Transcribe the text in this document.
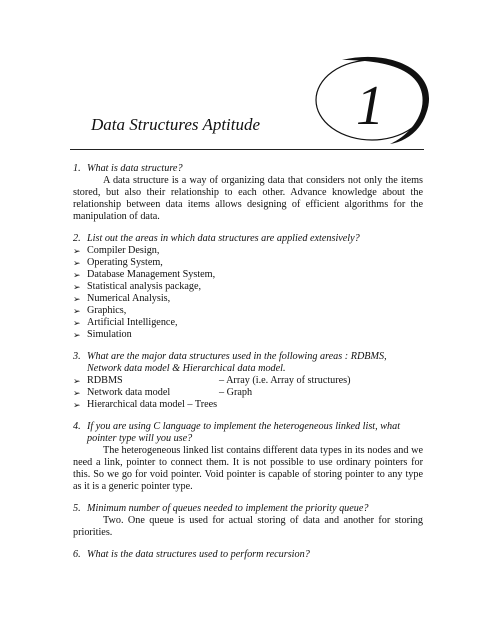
Data Structures Aptitude 1

1. What is data structure?

A data structure is a way of organizing data that considers not only the items stored, but also their relationship to each other. Advance knowledge about the relationship between data items allows designing of efficient algorithms for the manipulation of data.

2. List out the areas in which data structures are applied extensively?

➢ Compiler Design,
➢ Operating System,
➢ Database Management System,
➢ Statistical analysis package,
➢ Numerical Analysis,
➢ Graphics,
➢ Artificial Intelligence,
➢ Simulation

3. What are the major data structures used in the following areas : RDBMS, Network data model & Hierarchical data model.

➢ RDBMS	– Array (i.e. Array of structures)
➢ Network data model	– Graph
➢ Hierarchical data model – Trees

4. If you are using C language to implement the heterogeneous linked list, what pointer type will you use?

The heterogeneous linked list contains different data types in its nodes and we need a link, pointer to connect them. It is not possible to use ordinary pointers for this. So we go for void pointer. Void pointer is capable of storing pointer to any type as it is a generic pointer type.

5. Minimum number of queues needed to implement the priority queue?

Two. One queue is used for actual storing of data and another for storing priorities.

6. What is the data structures used to perform recursion?
